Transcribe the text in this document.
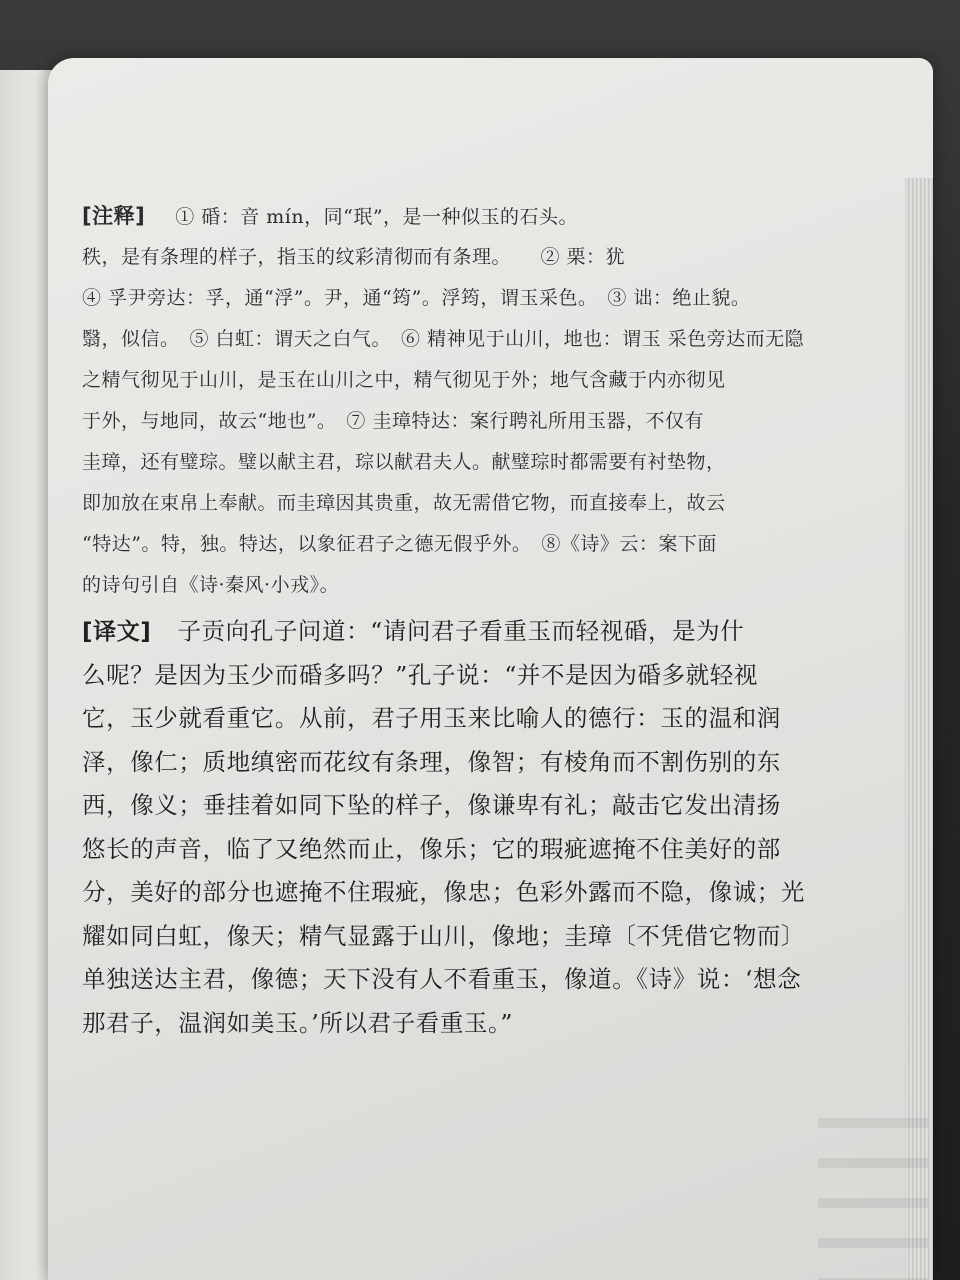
[注释] ① 碈：音 mín，同“珉”，是一种似玉的石头。
秩，是有条理的样子，指玉的纹彩清彻而有条理。　　② 栗：犹
④ 孚尹旁达：孚，通“浮”。尹，通“筠”。浮筠，谓玉采色。　③ 诎：绝止貌。
翳，似信。　⑤ 白虹：谓天之白气。　⑥ 精神见于山川，地也：谓玉 采色旁达而无隐
之精气彻见于山川，是玉在山川之中，精气彻见于外；地气含藏于内亦彻见
于外，与地同，故云“地也”。　⑦ 圭璋特达：案行聘礼所用玉器，不仅有
圭璋，还有璧琮。璧以献主君，琮以献君夫人。献璧琮时都需要有衬垫物，
即加放在束帛上奉献。而圭璋因其贵重，故无需借它物，而直接奉上，故云
“特达”。特，独。特达，以象征君子之德无假乎外。　⑧《诗》云：案下面
的诗句引自《诗·秦风·小戎》。
[译文] 子贡向孔子问道：“请问君子看重玉而轻视碈，是为什
么呢？是因为玉少而碈多吗？”孔子说：“并不是因为碈多就轻视
它，玉少就看重它。从前，君子用玉来比喻人的德行：玉的温和润
泽，像仁；质地缜密而花纹有条理，像智；有棱角而不割伤别的东
西，像义；垂挂着如同下坠的样子，像谦卑有礼；敲击它发出清扬
悠长的声音，临了又绝然而止，像乐；它的瑕疵遮掩不住美好的部
分，美好的部分也遮掩不住瑕疵，像忠；色彩外露而不隐，像诚；光
耀如同白虹，像天；精气显露于山川，像地；圭璋〔不凭借它物而〕
单独送达主君，像德；天下没有人不看重玉，像道。《诗》说：‘想念
那君子，温润如美玉。’所以君子看重玉。”
